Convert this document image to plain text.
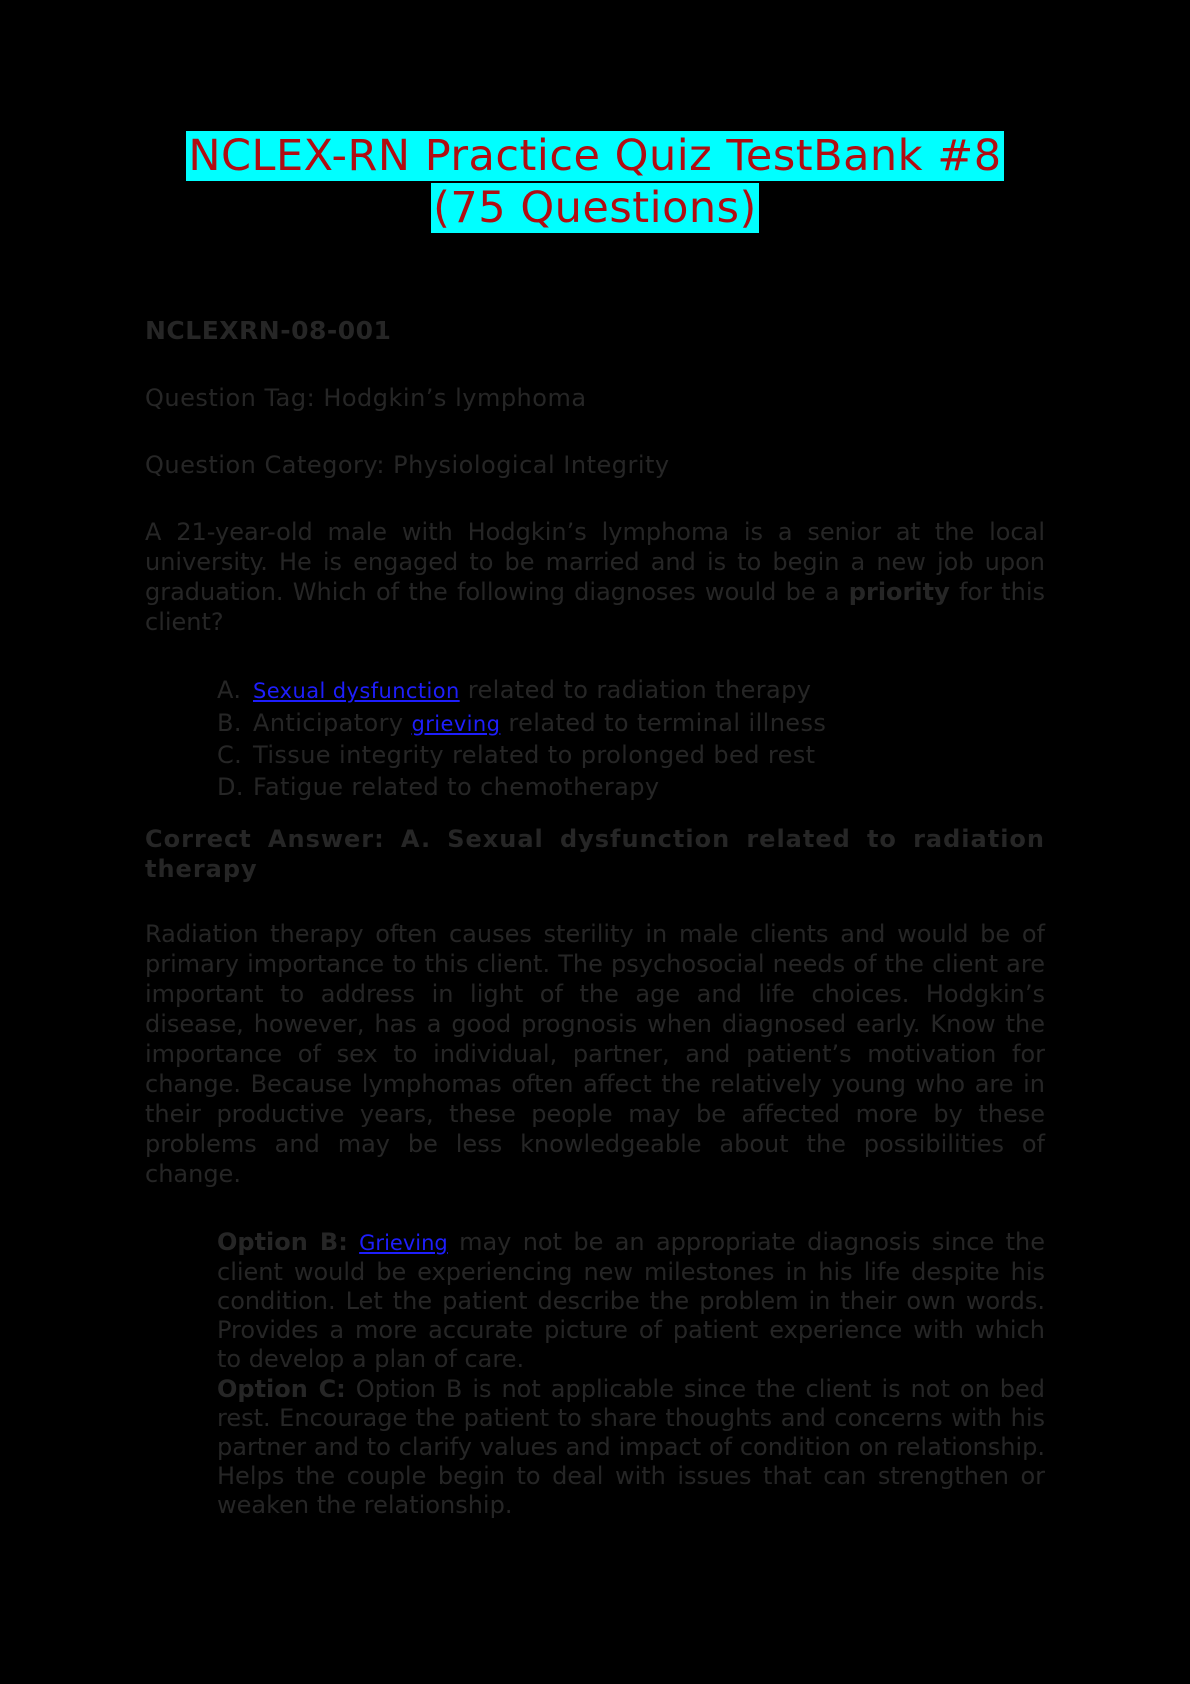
NCLEX-RN Practice Quiz TestBank #8
(75 Questions)
NCLEXRN-08-001
Question Tag: Hodgkin’s lymphoma
Question Category: Physiological Integrity
A 21-year-old male with Hodgkin’s lymphoma is a senior at the local university. He is engaged to be married and is to begin a new job upon graduation. Which of the following diagnoses would be a priority for this client?
A. Sexual dysfunction related to radiation therapy
B. Anticipatory grieving related to terminal illness
C. Tissue integrity related to prolonged bed rest
D. Fatigue related to chemotherapy
Correct Answer: A. Sexual dysfunction related to radiation therapy
Radiation therapy often causes sterility in male clients and would be of primary importance to this client. The psychosocial needs of the client are important to address in light of the age and life choices. Hodgkin’s disease, however, has a good prognosis when diagnosed early. Know the importance of sex to individual, partner, and patient’s motivation for change. Because lymphomas often affect the relatively young who are in their productive years, these people may be affected more by these problems and may be less knowledgeable about the possibilities of change.
Option B: Grieving may not be an appropriate diagnosis since the client would be experiencing new milestones in his life despite his condition. Let the patient describe the problem in their own words. Provides a more accurate picture of patient experience with which to develop a plan of care.
Option C: Option B is not applicable since the client is not on bed rest. Encourage the patient to share thoughts and concerns with his partner and to clarify values and impact of condition on relationship. Helps the couple begin to deal with issues that can strengthen or weaken the relationship.
